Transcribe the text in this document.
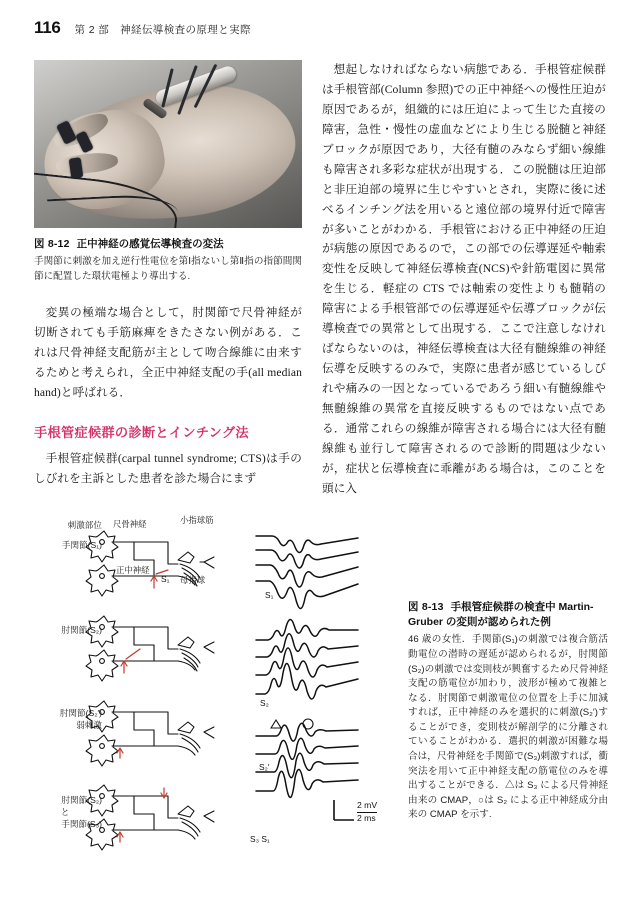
116 第 2 部　神経伝導検査の原理と実際
図 8-12 正中神経の感覚伝導検査の変法
手関節に刺激を加え逆行性電位を第Ⅰ指ないし第Ⅱ指の指節間関節に配置した環状電極より導出する.

変異の極端な場合として，肘関節で尺骨神経が切断されても手筋麻痺をきたさない例がある．これは尺骨神経支配筋が主として吻合線維に由来するためと考えられ，全正中神経支配の手(all median hand)と呼ばれる．

手根管症候群の診断とインチング法

手根管症候群(carpal tunnel syndrome; CTS)は手のしびれを主訴とした患者を診た場合にまず

想起しなければならない病態である．手根管症候群は手根管部(Column 参照)での正中神経への慢性圧迫が原因であるが，組織的には圧迫によって生じた直接の障害，急性・慢性の虚血などにより生じる脱髄と神経ブロックが原因であり，大径有髄のみならず細い線維も障害され多彩な症状が出現する．この脱髄は圧迫部と非圧迫部の境界に生じやすいとされ，実際に後に述べるインチング法を用いると遠位部の境界付近で障害が多いことがわかる．手根管における正中神経の圧迫が病態の原因であるので，この部での伝導遅延や軸索変性を反映して神経伝導検査(NCS)や針筋電図に異常を生じる．軽症の CTS では軸索の変性よりも髄鞘の障害による手根管部での伝導遅延や伝導ブロックが伝導検査での異常として出現する．ここで注意しなければならないのは，神経伝導検査は大径有髄線維の神経伝導を反映するのみで，実際に患者が感じているしびれや痛みの一因となっているであろう細い有髄線維や無髄線維の異常を直接反映するものではない点である．通常これらの線維が障害される場合には大径有髄線維も並行して障害されるので診断的問題は少ないが，症状と伝導検査に乖離がある場合は，このことを頭に入

刺激部位
手関節(S₁)
肘関節(S₂)
肘関節(S₂′)
弱刺激
肘関節(S₂)
と
手関節(S₃)
尺骨神経	小指球筋
正中神経
母指球
S₁
S₁
S₂
S₂′
S₃ S₁
2 mV
2 ms
図 8-13 手根管症候群の検査中 Martin-Gruber の変則が認められた例
46 歳の女性．手関節(S₁)の刺激では複合筋活動電位の潜時の遅延が認められるが，肘関節(S₂)の刺激では変則枝が興奮するため尺骨神経支配の筋電位が加わり，波形が極めて複雑となる．肘関節で刺激電位の位置を上手に加減すれば，正中神経のみを選択的に刺激(S₂′)することができ，変則枝が解剖学的に分離されていることがわかる．選択的刺激が困難な場合は，尺骨神経を手関節で(S₃)刺激すれば，衝突法を用いて正中神経支配の筋電位のみを導出することができる．△は S₃ による尺骨神経由来の CMAP，○は S₂ による正中神経成分由来の CMAP を示す.
